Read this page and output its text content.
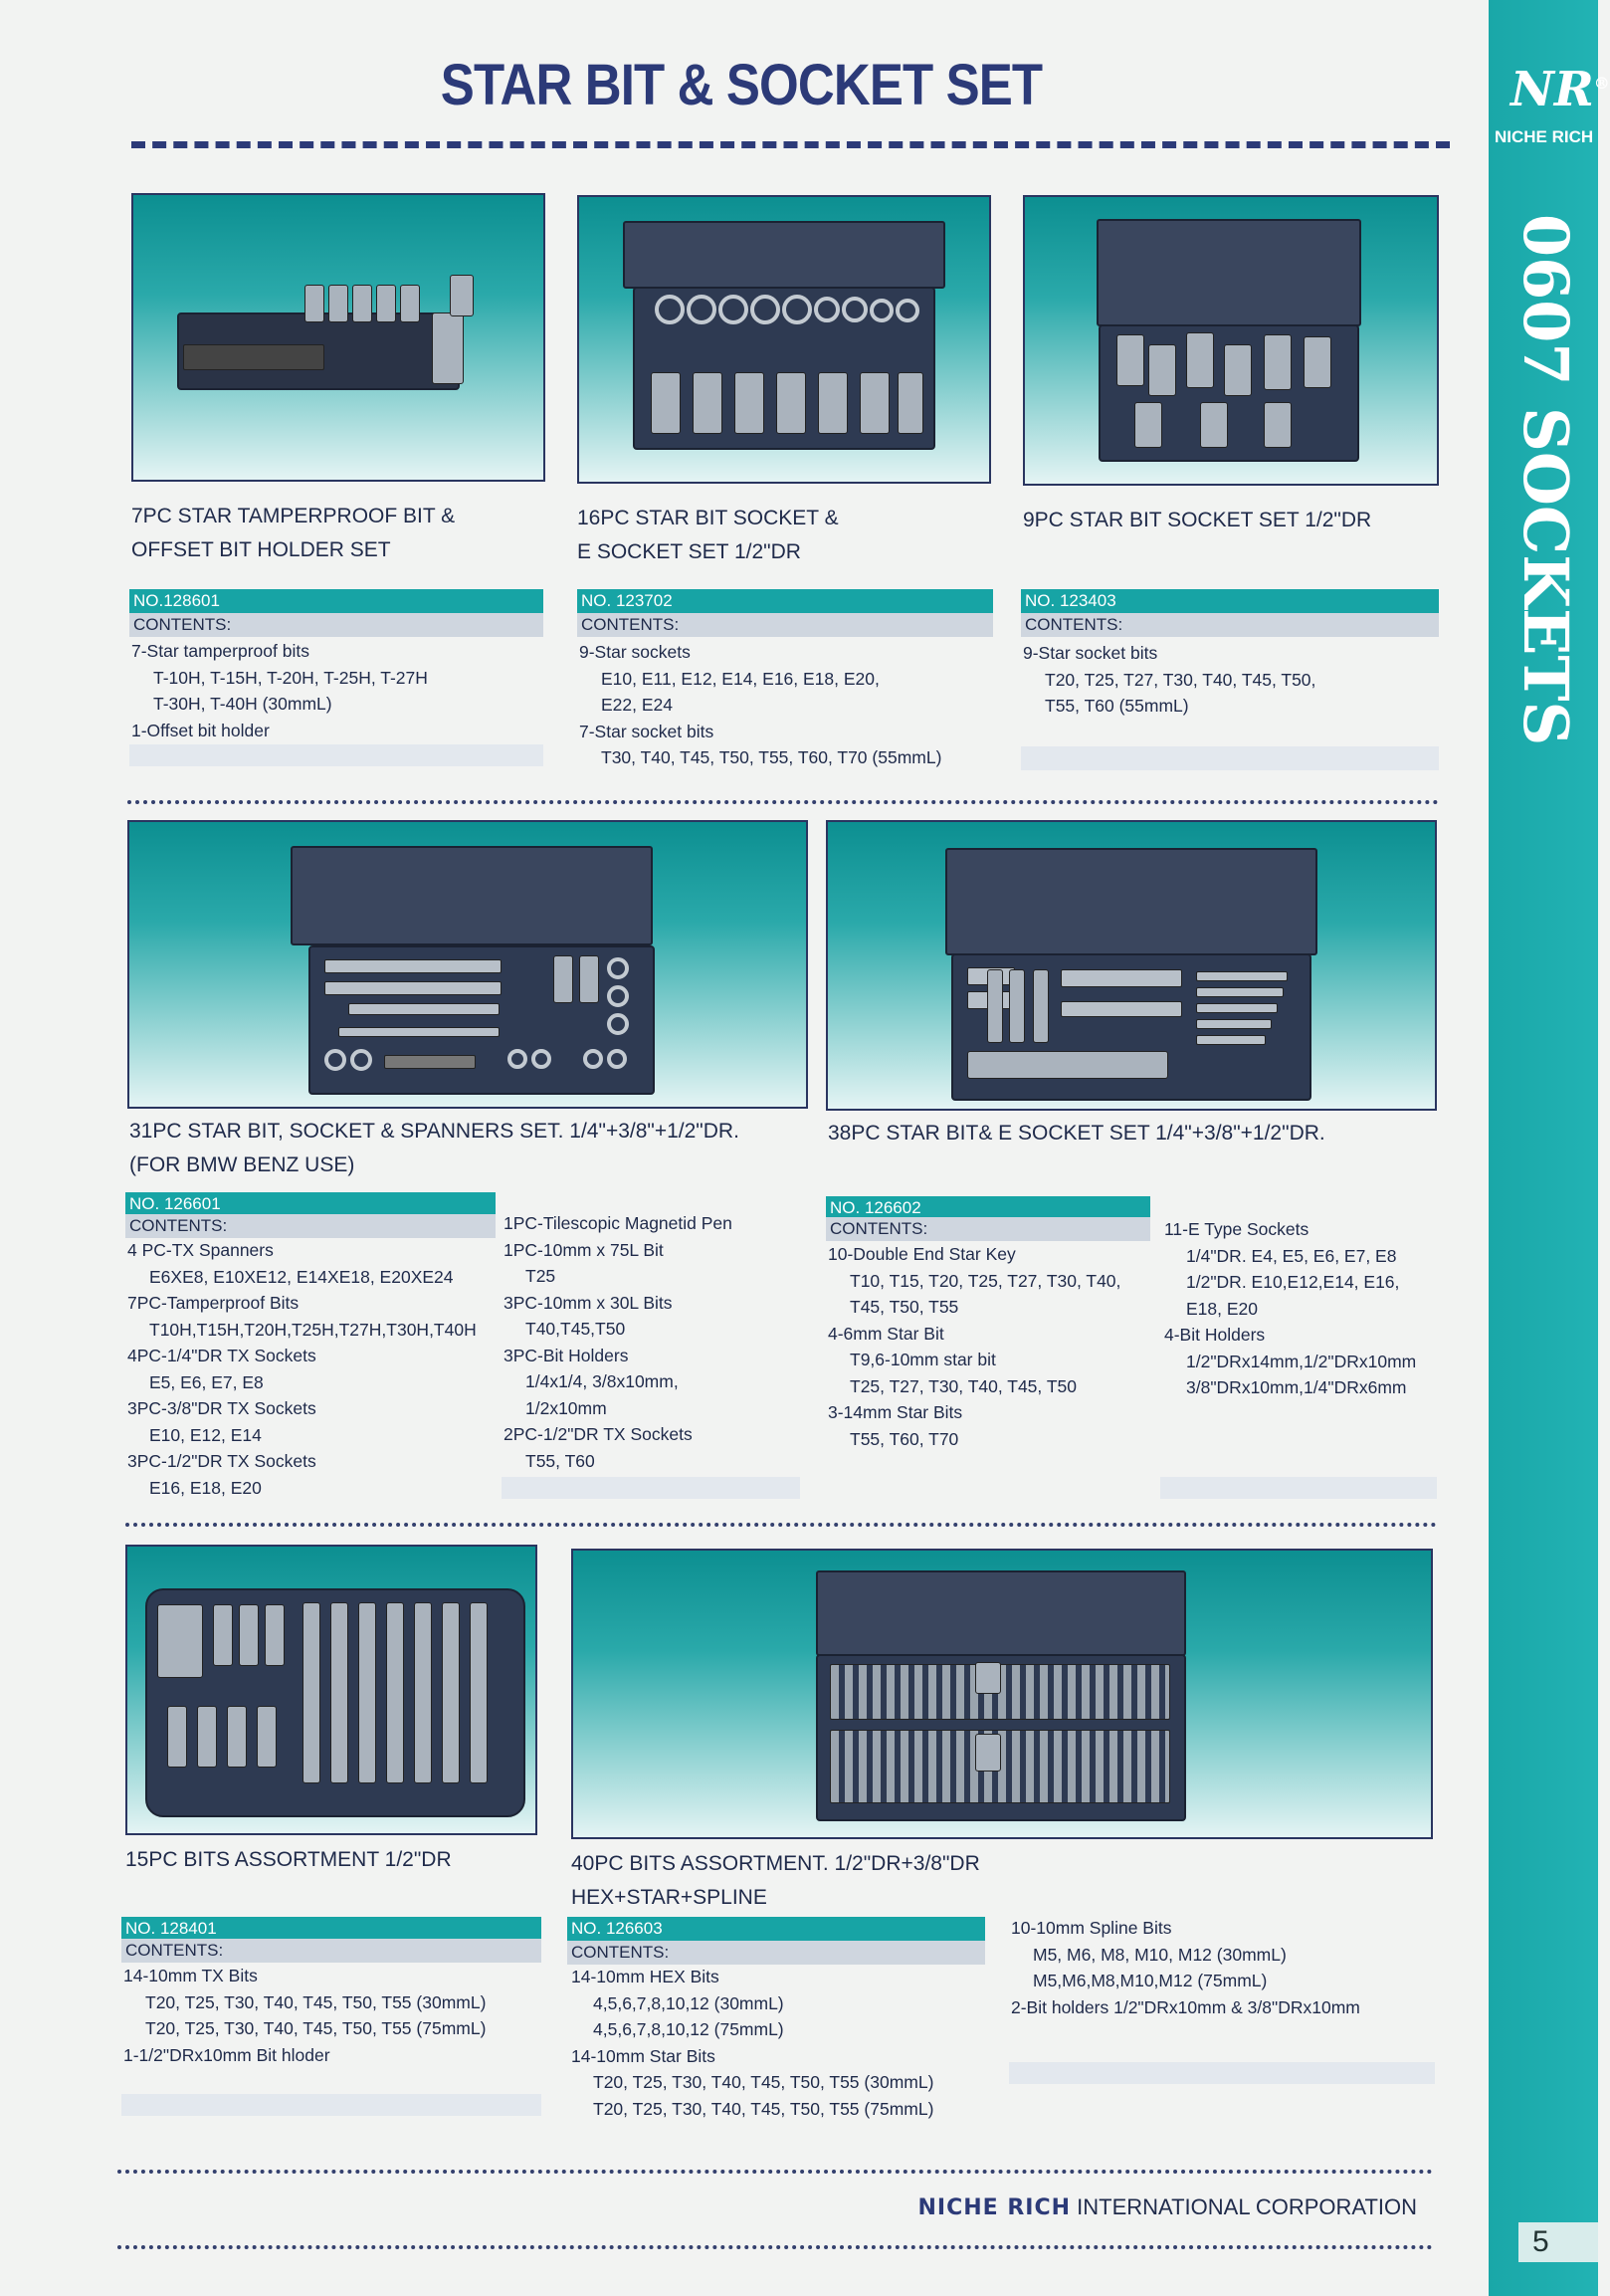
NR®
NICHE RICH
0607 SOCKETS
5
STAR BIT & SOCKET SET
7PC STAR TAMPERPROOF BIT &
OFFSET BIT HOLDER SET
NO.128601
CONTENTS:
7-Star tamperproof bits
T-10H, T-15H, T-20H, T-25H, T-27H
T-30H, T-40H (30mmL)
1-Offset bit holder
16PC STAR BIT SOCKET &
E SOCKET SET 1/2"DR
NO. 123702
CONTENTS:
9-Star sockets
E10, E11, E12, E14, E16, E18, E20,
E22, E24
7-Star socket bits
T30, T40, T45, T50, T55, T60, T70 (55mmL)
9PC STAR BIT SOCKET SET 1/2"DR
NO. 123403
CONTENTS:
9-Star socket bits
T20, T25, T27, T30, T40, T45, T50,
T55, T60 (55mmL)
31PC STAR BIT, SOCKET & SPANNERS SET. 1/4"+3/8"+1/2"DR.
(FOR BMW BENZ USE)
NO. 126601
CONTENTS:
4 PC-TX Spanners
E6XE8, E10XE12, E14XE18, E20XE24
7PC-Tamperproof Bits
T10H,T15H,T20H,T25H,T27H,T30H,T40H
4PC-1/4"DR TX Sockets
E5, E6, E7, E8
3PC-3/8"DR TX Sockets
E10, E12, E14
3PC-1/2"DR TX Sockets
E16, E18, E20
1PC-Tilescopic Magnetid Pen
1PC-10mm x 75L Bit
T25
3PC-10mm x 30L Bits
T40,T45,T50
3PC-Bit Holders
1/4x1/4, 3/8x10mm,
1/2x10mm
2PC-1/2"DR TX Sockets
T55, T60
38PC STAR BIT& E SOCKET SET 1/4"+3/8"+1/2"DR.
NO. 126602
CONTENTS:
10-Double End Star Key
T10, T15, T20, T25, T27, T30, T40,
T45, T50, T55
4-6mm Star Bit
T9,6-10mm star bit
T25, T27, T30, T40, T45, T50
3-14mm Star Bits
T55, T60, T70
11-E Type Sockets
1/4"DR. E4, E5, E6, E7, E8
1/2"DR. E10,E12,E14, E16,
E18, E20
4-Bit Holders
1/2"DRx14mm,1/2"DRx10mm
3/8"DRx10mm,1/4"DRx6mm
15PC BITS ASSORTMENT 1/2"DR
NO. 128401
CONTENTS:
14-10mm TX Bits
T20, T25, T30, T40, T45, T50, T55 (30mmL)
T20, T25, T30, T40, T45, T50, T55 (75mmL)
1-1/2"DRx10mm Bit hloder
40PC BITS ASSORTMENT. 1/2"DR+3/8"DR
HEX+STAR+SPLINE
NO. 126603
CONTENTS:
14-10mm HEX Bits
4,5,6,7,8,10,12 (30mmL)
4,5,6,7,8,10,12 (75mmL)
14-10mm Star Bits
T20, T25, T30, T40, T45, T50, T55 (30mmL)
T20, T25, T30, T40, T45, T50, T55 (75mmL)
10-10mm Spline Bits
M5, M6, M8, M10, M12 (30mmL)
M5,M6,M8,M10,M12 (75mmL)
2-Bit holders 1/2"DRx10mm & 3/8"DRx10mm
NICHE RICH INTERNATIONAL CORPORATION
